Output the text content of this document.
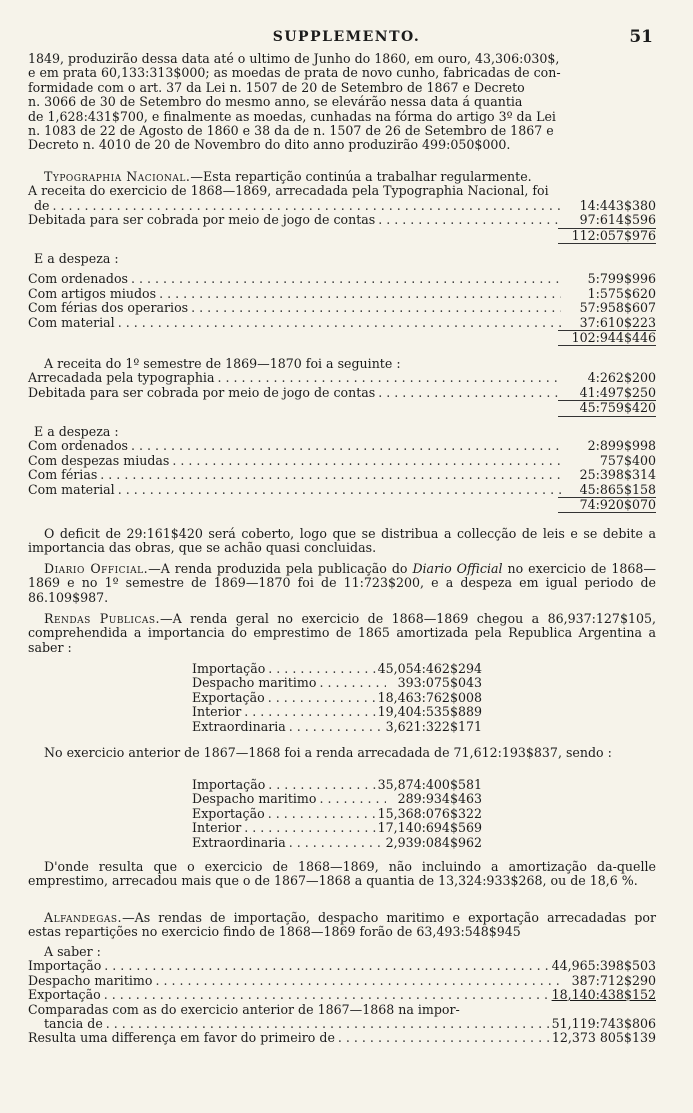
SUPPLEMENTO.	51
1849, produzirão dessa data até o ultimo de Junho do 1860, em ouro, 43,306:030$,
e em prata 60,133:313$000; as moedas de prata de novo cunho, fabricadas de con-
formidade com o art. 37 da Lei n. 1507 de 20 de Setembro de 1867 e Decreto
n. 3066 de 30 de Setembro do mesmo anno, se elevárão nessa data á quantia
de 1,628:431$700, e finalmente as moedas, cunhadas na fórma do artigo 3º da Lei
n. 1083 de 22 de Agosto de 1860 e 38 da de n. 1507 de 26 de Setembro de 1867 e
Decreto n. 4010 de 20 de Novembro do dito anno produzirão 499:050$000.
Typographia Nacional.—Esta repartição continúa a trabalhar regularmente.
A receita do exercicio de 1868—1869, arrecadada pela Typographia Nacional, foi
de . . .	14:443$380
Debitada para ser cobrada por meio de jogo de contas . . .	97:614$596
112:057$976
E a despeza :
Com ordenados . . .	5:799$996
Com artigos miudos . . .	1:575$620
Com férias dos operarios . . .	57:958$607
Com material . . .	37:610$223
102:944$446
A receita do 1º semestre de 1869—1870 foi a seguinte :
Arrecadada pela typographia . . .	4:262$200
Debitada para ser cobrada por meio de jogo de contas . . .	41:497$250
45:759$420
E a despeza :
Com ordenados . . .	2:899$998
Com despezas miudas . . .	757$400
Com férias . . .	25:398$314
Com material . . .	45:865$158
74:920$070

O deficit de 29:161$420 será coberto, logo que se distribua a collecção de leis e se debite a importancia das obras, que se achão quasi concluidas.

Diario Official.—A renda produzida pela publicação do Diario Official no exercicio de 1868—1869 e no 1º semestre de 1869—1870 foi de 11:723$200, e a despeza em igual periodo de 86.109$987.

Rendas Publicas.—A renda geral no exercicio de 1868—1869 chegou a 86,937:127$105, comprehendida a importancia do emprestimo de 1865 amortizada pela Republica Argentina a saber :

Importação . . .	45,054:462$294
Despacho maritimo . . .	393:075$043
Exportação . . .	18,463:762$008
Interior . . .	19,404:535$889
Extraordinaria . . .	3,621:322$171

No exercicio anterior de 1867—1868 foi a renda arrecadada de 71,612:193$837, sendo :

Importação . . .	35,874:400$581
Despacho maritimo . . .	289:934$463
Exportação . . .	15,368:076$322
Interior . . .	17,140:694$569
Extraordinaria . . .	2,939:084$962

D'onde resulta que o exercicio de 1868—1869, não incluindo a amortização da-quelle emprestimo, arrecadou mais que o de 1867—1868 a quantia de 13,324:933$268, ou de 18,6 %.

Alfandegas.—As rendas de importação, despacho maritimo e exportação arrecadadas por estas repartições no exercicio findo de 1868—1869 forão de 63,493:548$945

A saber :
Importação . . .	44,965:398$503
Despacho maritimo . . .	387:712$290
Exportação . . .	18,140:438$152
Comparadas com as do exercicio anterior de 1867—1868 na impor-
tancia de . . .	51,119:743$806
Resulta uma differença em favor do primeiro de . . .	12,373 805$139
